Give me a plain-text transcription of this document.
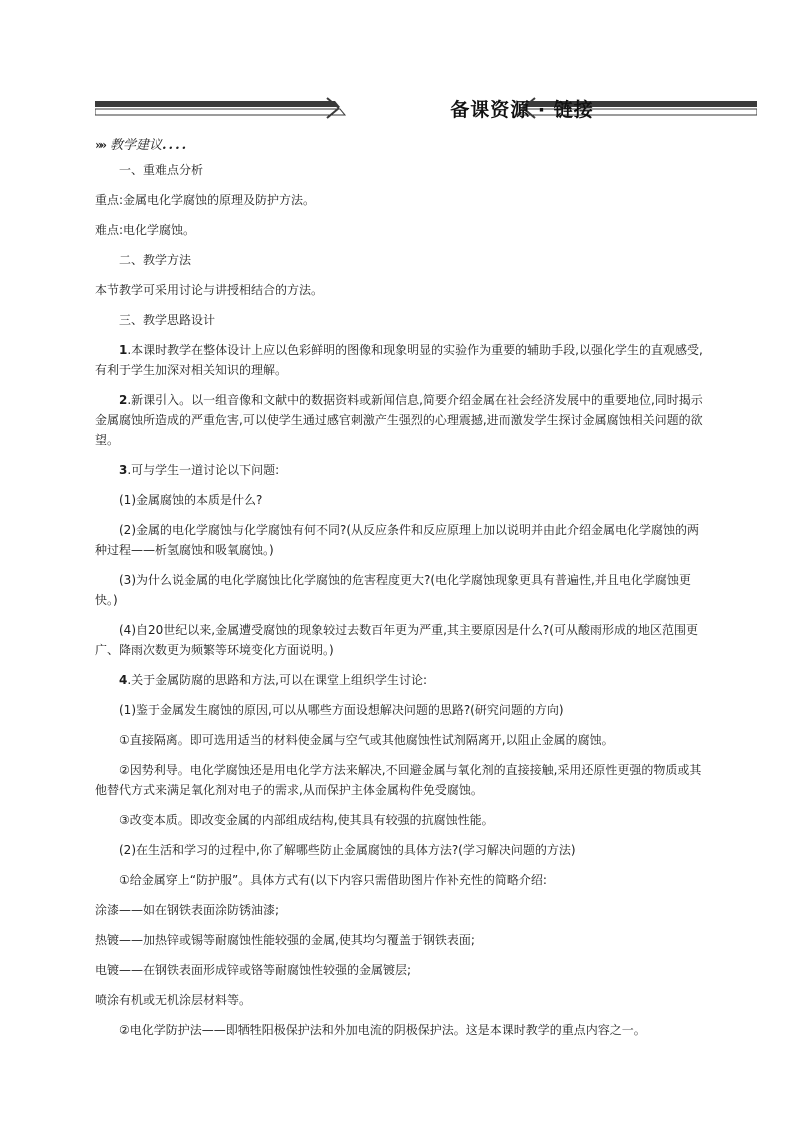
备课资源 · 链接
»» 教学建议....

一、重难点分析

重点:金属电化学腐蚀的原理及防护方法。

难点:电化学腐蚀。

二、教学方法

本节教学可采用讨论与讲授相结合的方法。

三、教学思路设计

1.本课时教学在整体设计上应以色彩鲜明的图像和现象明显的实验作为重要的辅助手段,以强化学生的直观感受,有利于学生加深对相关知识的理解。

2.新课引入。以一组音像和文献中的数据资料或新闻信息,简要介绍金属在社会经济发展中的重要地位,同时揭示金属腐蚀所造成的严重危害,可以使学生通过感官刺激产生强烈的心理震撼,进而激发学生探讨金属腐蚀相关问题的欲望。

3.可与学生一道讨论以下问题:

(1)金属腐蚀的本质是什么?

(2)金属的电化学腐蚀与化学腐蚀有何不同?(从反应条件和反应原理上加以说明并由此介绍金属电化学腐蚀的两种过程——析氢腐蚀和吸氧腐蚀。)

(3)为什么说金属的电化学腐蚀比化学腐蚀的危害程度更大?(电化学腐蚀现象更具有普遍性,并且电化学腐蚀更快。)

(4)自20世纪以来,金属遭受腐蚀的现象较过去数百年更为严重,其主要原因是什么?(可从酸雨形成的地区范围更广、降雨次数更为频繁等环境变化方面说明。)

4.关于金属防腐的思路和方法,可以在课堂上组织学生讨论:

(1)鉴于金属发生腐蚀的原因,可以从哪些方面设想解决问题的思路?(研究问题的方向)

①直接隔离。即可选用适当的材料使金属与空气或其他腐蚀性试剂隔离开,以阻止金属的腐蚀。

②因势利导。电化学腐蚀还是用电化学方法来解决,不回避金属与氧化剂的直接接触,采用还原性更强的物质或其他替代方式来满足氧化剂对电子的需求,从而保护主体金属构件免受腐蚀。

③改变本质。即改变金属的内部组成结构,使其具有较强的抗腐蚀性能。

(2)在生活和学习的过程中,你了解哪些防止金属腐蚀的具体方法?(学习解决问题的方法)

①给金属穿上“防护服”。具体方式有(以下内容只需借助图片作补充性的简略介绍:

涂漆——如在钢铁表面涂防锈油漆;

热镀——加热锌或锡等耐腐蚀性能较强的金属,使其均匀覆盖于钢铁表面;

电镀——在钢铁表面形成锌或铬等耐腐蚀性较强的金属镀层;

喷涂有机或无机涂层材料等。

②电化学防护法——即牺牲阳极保护法和外加电流的阴极保护法。这是本课时教学的重点内容之一。
